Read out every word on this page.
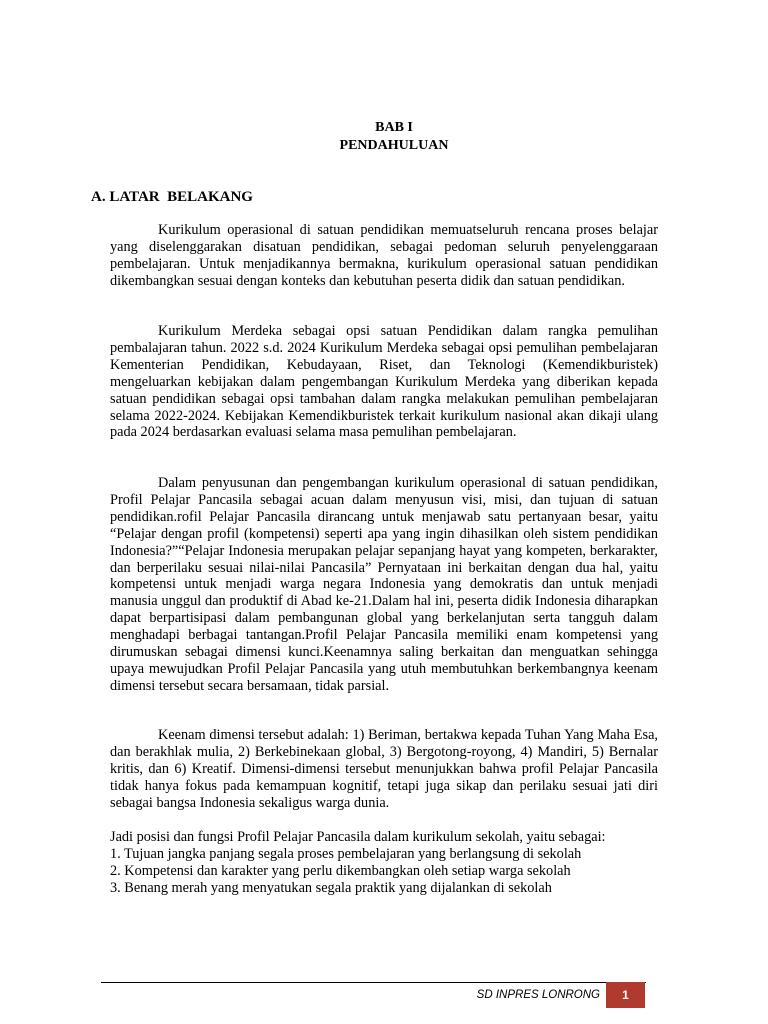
BAB I
PENDAHULUAN
A. LATAR  BELAKANG

Kurikulum operasional di satuan pendidikan memuatseluruh rencana proses belajar yang diselenggarakan disatuan pendidikan, sebagai pedoman seluruh penyelenggaraan pembelajaran. Untuk menjadikannya bermakna, kurikulum operasional satuan pendidikan dikembangkan sesuai dengan konteks dan kebutuhan peserta didik dan satuan pendidikan.

Kurikulum Merdeka sebagai opsi satuan Pendidikan dalam rangka pemulihan pembalajaran tahun. 2022 s.d. 2024 Kurikulum Merdeka sebagai opsi pemulihan pembelajaran Kementerian Pendidikan, Kebudayaan, Riset, dan Teknologi (Kemendikburistek) mengeluarkan kebijakan dalam pengembangan Kurikulum Merdeka yang diberikan kepada satuan pendidikan sebagai opsi tambahan dalam rangka melakukan pemulihan pembelajaran selama 2022-2024. Kebijakan Kemendikburistek terkait kurikulum nasional akan dikaji ulang pada 2024 berdasarkan evaluasi selama masa pemulihan pembelajaran.

Dalam penyusunan dan pengembangan kurikulum operasional di satuan pendidikan, Profil Pelajar Pancasila sebagai acuan dalam menyusun visi, misi, dan tujuan di satuan pendidikan.rofil Pelajar Pancasila dirancang untuk menjawab satu pertanyaan besar, yaitu “Pelajar dengan profil (kompetensi) seperti apa yang ingin dihasilkan oleh sistem pendidikan Indonesia?”“Pelajar Indonesia merupakan pelajar sepanjang hayat yang kompeten, berkarakter, dan berperilaku sesuai nilai-nilai Pancasila” Pernyataan ini berkaitan dengan dua hal, yaitu kompetensi untuk menjadi warga negara Indonesia yang demokratis dan untuk menjadi manusia unggul dan produktif di Abad ke-21.Dalam hal ini, peserta didik Indonesia diharapkan dapat berpartisipasi dalam pembangunan global yang berkelanjutan serta tangguh dalam menghadapi berbagai tantangan.Profil Pelajar Pancasila memiliki enam kompetensi yang dirumuskan sebagai dimensi kunci.Keenamnya saling berkaitan dan menguatkan sehingga upaya mewujudkan Profil Pelajar Pancasila yang utuh membutuhkan berkembangnya keenam dimensi tersebut secara bersamaan, tidak parsial.

Keenam dimensi tersebut adalah: 1) Beriman, bertakwa kepada Tuhan Yang Maha Esa, dan berakhlak mulia, 2) Berkebinekaan global, 3) Bergotong-royong, 4) Mandiri, 5) Bernalar kritis, dan 6) Kreatif. Dimensi-dimensi tersebut menunjukkan bahwa profil Pelajar Pancasila tidak hanya fokus pada kemampuan kognitif, tetapi juga sikap dan perilaku sesuai jati diri sebagai bangsa Indonesia sekaligus warga dunia.

Jadi posisi dan fungsi Profil Pelajar Pancasila dalam kurikulum sekolah, yaitu sebagai:
1. Tujuan jangka panjang segala proses pembelajaran yang berlangsung di sekolah
2. Kompetensi dan karakter yang perlu dikembangkan oleh setiap warga sekolah
3. Benang merah yang menyatukan segala praktik yang dijalankan di sekolah
SD INPRES LONRONG	1
